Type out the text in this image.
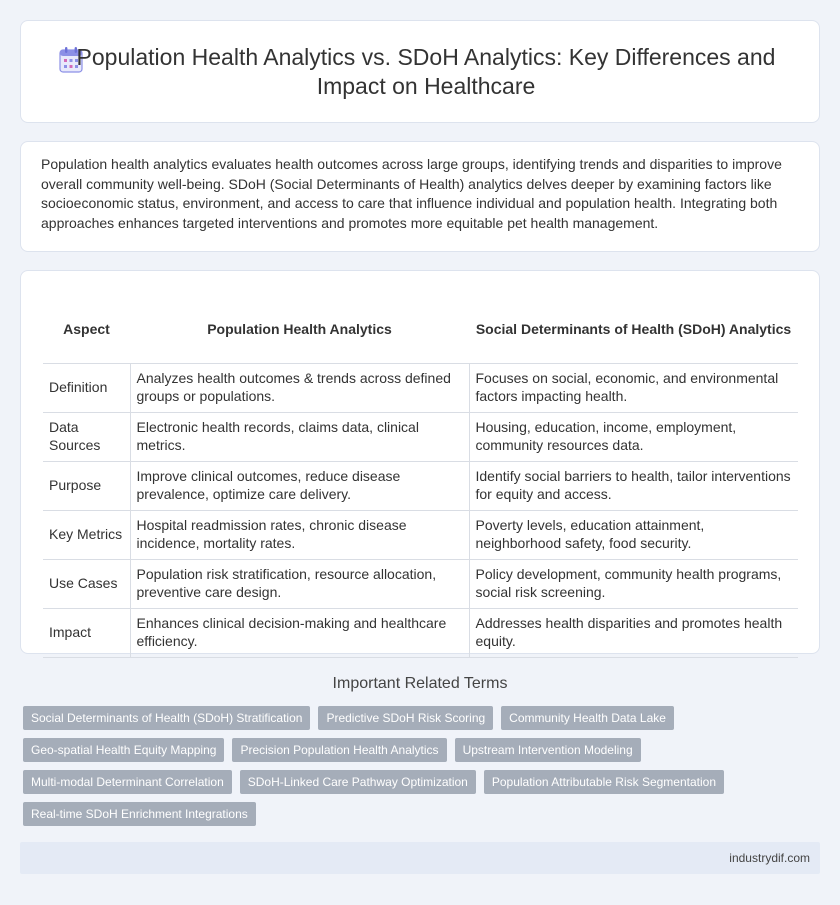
Population Health Analytics vs. SDoH Analytics: Key Differences and Impact on Healthcare

Population health analytics evaluates health outcomes across large groups, identifying trends and disparities to improve overall community well-being. SDoH (Social Determinants of Health) analytics delves deeper by examining factors like socioeconomic status, environment, and access to care that influence individual and population health. Integrating both approaches enhances targeted interventions and promotes more equitable pet health management.

Aspect	Population Health Analytics	Social Determinants of Health (SDoH) Analytics
Definition	Analyzes health outcomes & trends across defined groups or populations.	Focuses on social, economic, and environmental factors impacting health.
Data Sources	Electronic health records, claims data, clinical metrics.	Housing, education, income, employment, community resources data.
Purpose	Improve clinical outcomes, reduce disease prevalence, optimize care delivery.	Identify social barriers to health, tailor interventions for equity and access.
Key Metrics	Hospital readmission rates, chronic disease incidence, mortality rates.	Poverty levels, education attainment, neighborhood safety, food security.
Use Cases	Population risk stratification, resource allocation, preventive care design.	Policy development, community health programs, social risk screening.
Impact	Enhances clinical decision-making and healthcare efficiency.	Addresses health disparities and promotes health equity.
Important Related Terms
Social Determinants of Health (SDoH) Stratification	Predictive SDoH Risk Scoring	Community Health Data Lake
Geo-spatial Health Equity Mapping	Precision Population Health Analytics	Upstream Intervention Modeling
Multi-modal Determinant Correlation	SDoH-Linked Care Pathway Optimization	Population Attributable Risk Segmentation
Real-time SDoH Enrichment Integrations
industrydif.com
